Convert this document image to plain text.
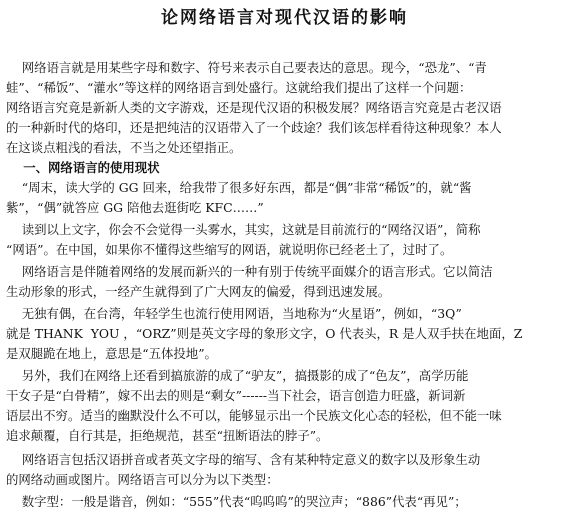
论网络语言对现代汉语的影响
网络语言就是用某些字母和数字、符号来表示自己要表达的意思。现今，“恐龙”、“青
蛙”、“稀饭”、“灌水”等这样的网络语言到处盛行。这就给我们提出了这样一个问题：
网络语言究竟是新新人类的文字游戏，还是现代汉语的积极发展？网络语言究竟是古老汉语
的一种新时代的烙印，还是把纯洁的汉语带入了一个歧途？我们该怎样看待这种现象？本人
在这谈点粗浅的看法，不当之处还望指正。
一、网络语言的使用现状
“周末，读大学的 GG 回来，给我带了很多好东西，都是“偶”非常“稀饭”的，就“酱
紫”，“偶”就答应 GG 陪他去逛街吃 KFC……”
读到以上文字，你会不会觉得一头雾水，其实，这就是目前流行的“网络汉语”，简称
“网语”。在中国，如果你不懂得这些缩写的网语，就说明你已经老土了，过时了。
网络语言是伴随着网络的发展而新兴的一种有别于传统平面媒介的语言形式。它以简洁
生动形象的形式，一经产生就得到了广大网友的偏爱，得到迅速发展。
无独有偶，在台湾，年轻学生也流行使用网语，当地称为“火星语”，例如，“3Q”
就是 THANK  YOU ，“ORZ”则是英文字母的象形文字，O 代表头，R 是人双手扶在地面，Z
是双腿跪在地上，意思是“五体投地”。
另外，我们在网络上还看到搞旅游的成了“驴友”，搞摄影的成了“色友”，高学历能
干女子是“白骨精”，嫁不出去的则是“剩女”------当下社会，语言创造力旺盛，新词新
语层出不穷。适当的幽默没什么不可以，能够显示出一个民族文化心态的轻松，但不能一味
追求颠覆，自行其是，拒绝规范，甚至“扭断语法的脖子”。
网络语言包括汉语拼音或者英文字母的缩写、含有某种特定意义的数字以及形象生动
的网络动画或图片。网络语言可以分为以下类型：
数字型：一般是谐音，例如：“555”代表“呜呜呜”的哭泣声；“886”代表“再见”；
